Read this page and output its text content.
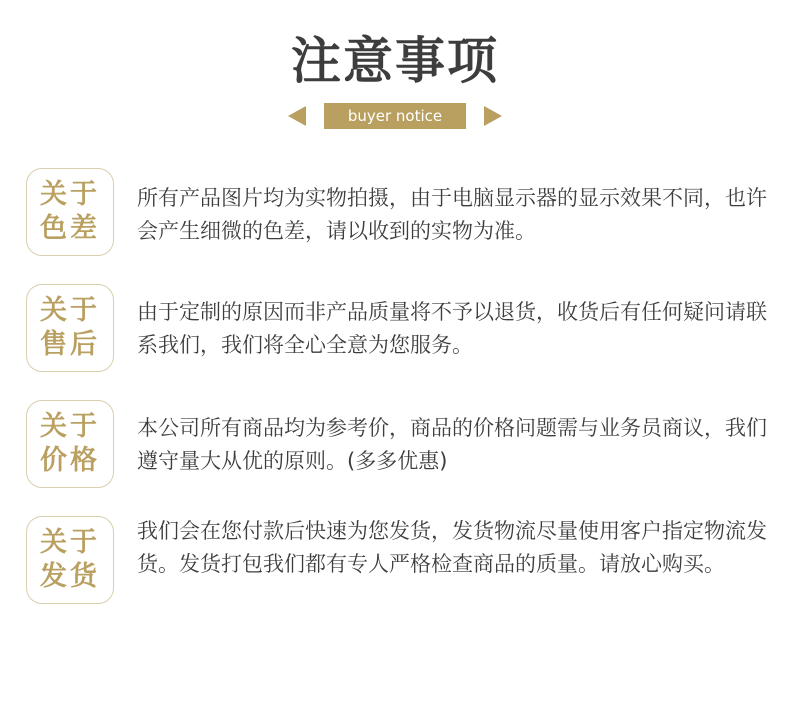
注意事项
buyer notice
关于
色差
所有产品图片均为实物拍摄，由于电脑显示器的显示效果不同，也许会产生细微的色差，请以收到的实物为准。
关于
售后
由于定制的原因而非产品质量将不予以退货，收货后有任何疑问请联系我们，我们将全心全意为您服务。
关于
价格
本公司所有商品均为参考价，商品的价格问题需与业务员商议，我们遵守量大从优的原则。(多多优惠)
关于
发货
我们会在您付款后快速为您发货，发货物流尽量使用客户指定物流发货。发货打包我们都有专人严格检查商品的质量。请放心购买。
